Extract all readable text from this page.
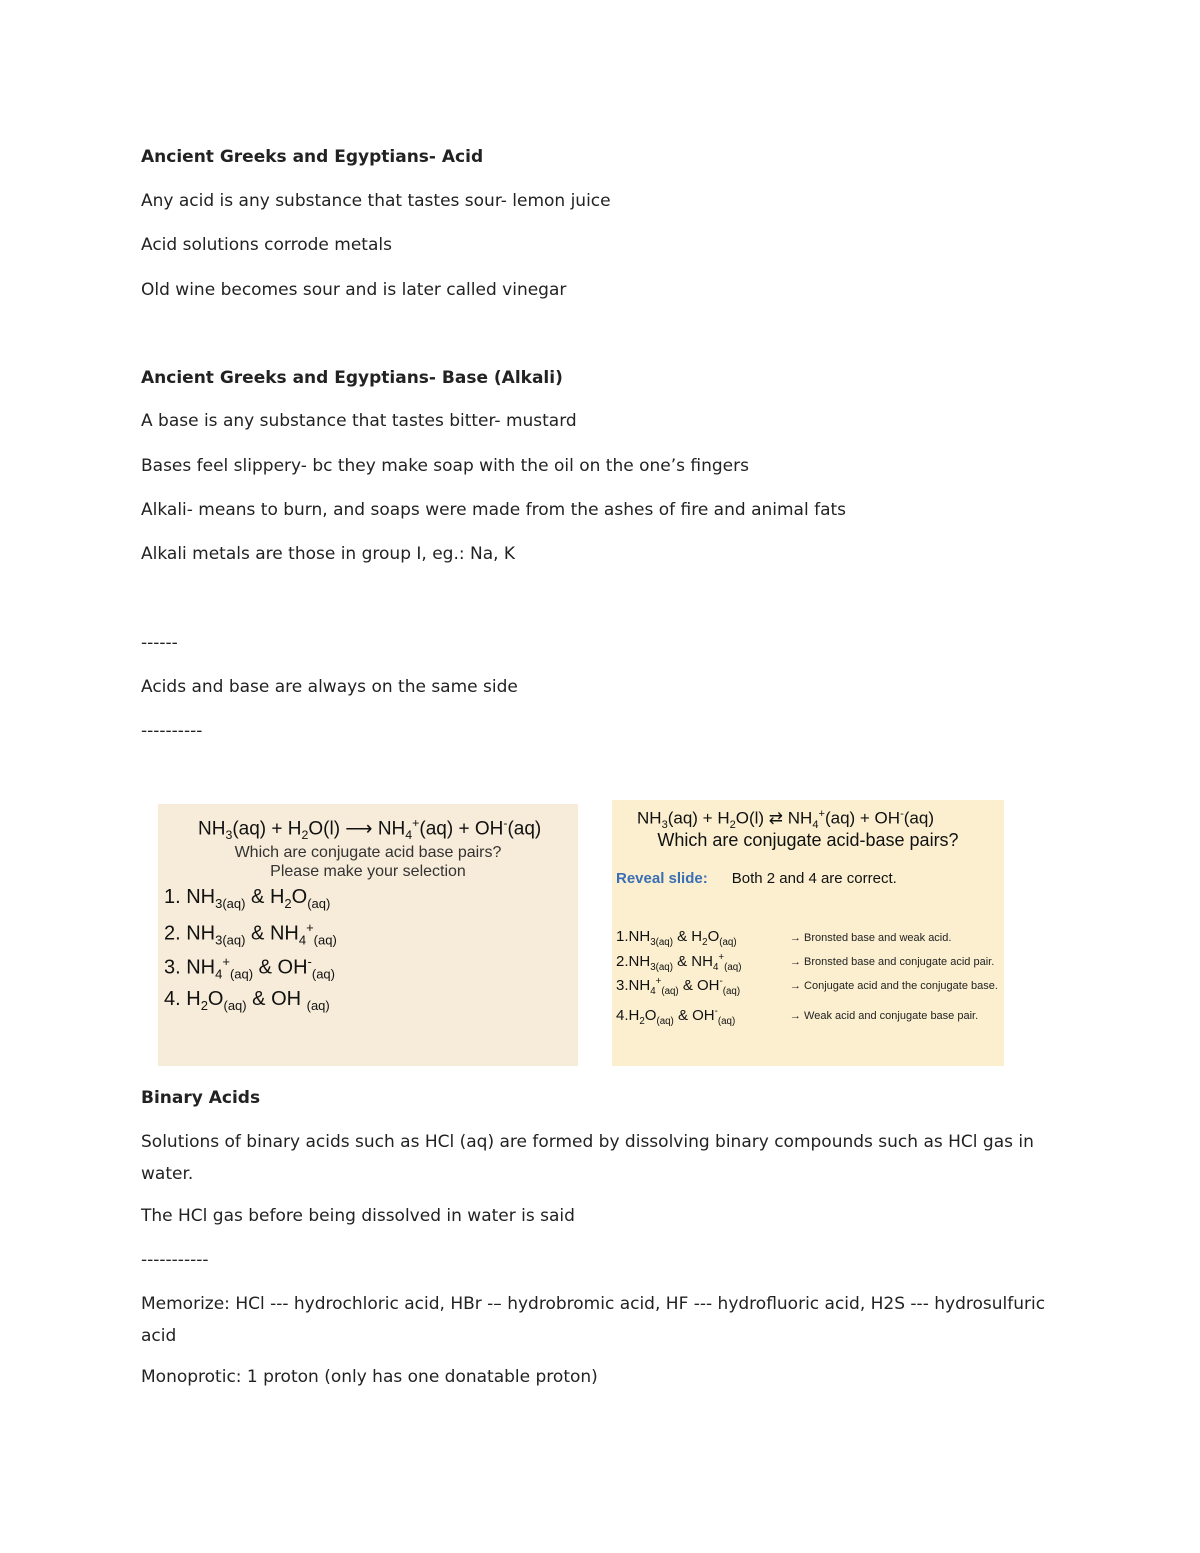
Ancient Greeks and Egyptians- Acid
Any acid is any substance that tastes sour- lemon juice
Acid solutions corrode metals
Old wine becomes sour and is later called vinegar
Ancient Greeks and Egyptians- Base (Alkali)
A base is any substance that tastes bitter- mustard
Bases feel slippery- bc they make soap with the oil on the one’s fingers
Alkali- means to burn, and soaps were made from the ashes of fire and animal fats
Alkali metals are those in group I, eg.: Na, K
------
Acids and base are always on the same side
----------
$NH_3(aq) + H_2O(l)$ ⟶ $NH_4^+(aq) + OH^-(aq)$
Which are conjugate acid base pairs?
Please make your selection
1. $NH_{3(aq)}$ & $H_2O_{(aq)}$
2. $NH_{3(aq)}$ & $NH_4^+_{(aq)}$
3. $NH_4^+_{(aq)}$ & $OH^-_{(aq)}$
4. $H_2O_{(aq)}$ & OH $_{(aq)}$
$NH_3(aq) + H_2O(l)$ ⇄ $NH_4^+(aq) + OH^-(aq)$
Which are conjugate acid-base pairs?
Reveal slide: Both 2 and 4 are correct.
$1.NH_{3(aq)}$ & $H_2O_{(aq)}$	→ Bronsted base and weak acid.
$2.NH_{3(aq)}$ & $NH_4^+_{(aq)}$	→ Bronsted base and conjugate acid pair.
$3.NH_4^+_{(aq)}$ & $OH^-_{(aq)}$	→ Conjugate acid and the conjugate base.
$4.H_2O_{(aq)}$ & $OH^-_{(aq)}$	→ Weak acid and conjugate base pair.
Binary Acids
Solutions of binary acids such as HCl (aq) are formed by dissolving binary compounds such as HCl gas in water.
The HCl gas before being dissolved in water is said
-----------
Memorize: HCl --- hydrochloric acid, HBr -– hydrobromic acid, HF --- hydrofluoric acid, H2S --- hydrosulfuric acid
Monoprotic: 1 proton (only has one donatable proton)
